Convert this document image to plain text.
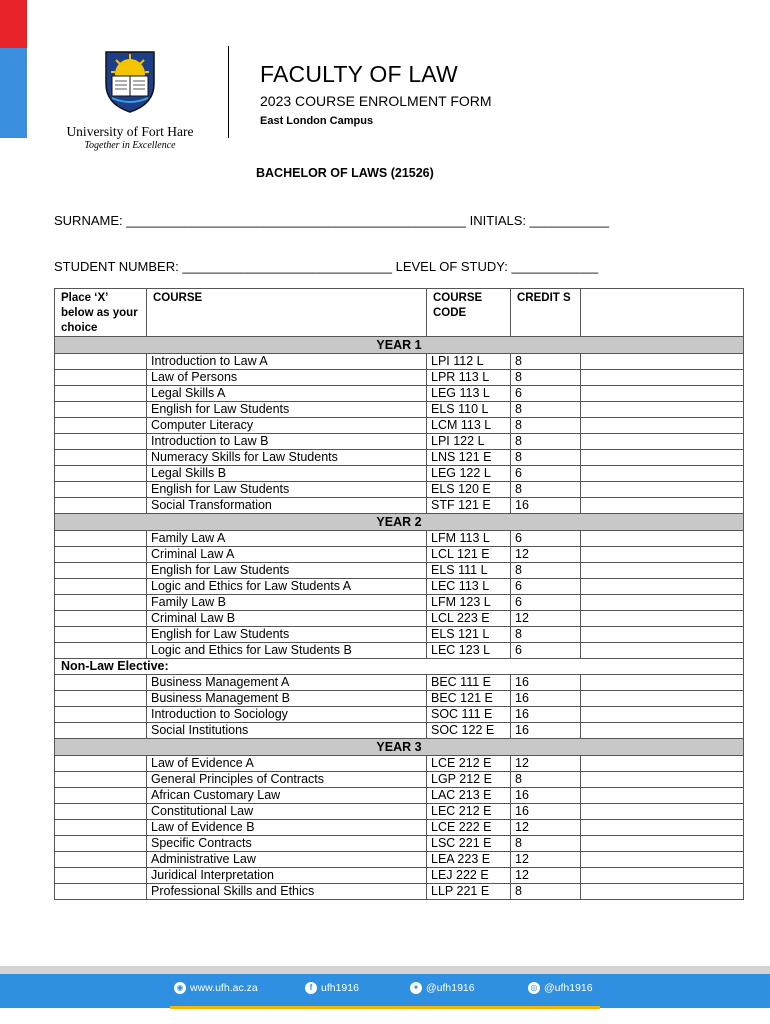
University of Fort Hare
Together in Excellence
FACULTY OF LAW
2023 COURSE ENROLMENT FORM
East London Campus
BACHELOR OF LAWS (21526)
SURNAME: _______________________________________________ INITIALS: ___________
STUDENT NUMBER: _____________________________ LEVEL OF STUDY: ____________
Place ‘X’ below as your choice	COURSE	COURSE CODE	CREDIT S	
YEAR 1				
	Introduction to Law A	LPI 112 L	8	
	Law of Persons	LPR 113 L	8	
	Legal Skills A	LEG 113 L	6	
	English for Law Students	ELS 110 L	8	
	Computer Literacy	LCM 113 L	8	
	Introduction to Law B	LPI 122 L	8	
	Numeracy Skills for Law Students	LNS 121 E	8	
	Legal Skills B	LEG 122 L	6	
	English for Law Students	ELS 120 E	8	
	Social Transformation	STF 121 E	16	
YEAR 2				
	Family Law A	LFM 113 L	6	
	Criminal Law A	LCL 121 E	12	
	English for Law Students	ELS 111 L	8	
	Logic and Ethics for Law Students A	LEC 113 L	6	
	Family Law B	LFM 123 L	6	
	Criminal Law B	LCL 223 E	12	
	English for Law Students	ELS 121 L	8	
	Logic and Ethics for Law Students B	LEC 123 L	6	
Non-Law Elective:				
	Business Management A	BEC 111 E	16	
	Business Management B	BEC 121 E	16	
	Introduction to Sociology	SOC 111 E	16	
	Social Institutions	SOC 122 E	16	
YEAR 3				
	Law of Evidence A	LCE 212 E	12	
	General Principles of Contracts	LGP 212 E	8	
	African Customary Law	LAC 213 E	16	
	Constitutional Law	LEC 212 E	16	
	Law of Evidence B	LCE 222 E	12	
	Specific Contracts	LSC 221 E	8	
	Administrative Law	LEA 223 E	12	
	Juridical Interpretation	LEJ 222 E	12	
	Professional Skills and Ethics	LLP 221 E	8	
◉ www.ufh.ac.za	f ufh1916	✦ @ufh1916	◎ @ufh1916
